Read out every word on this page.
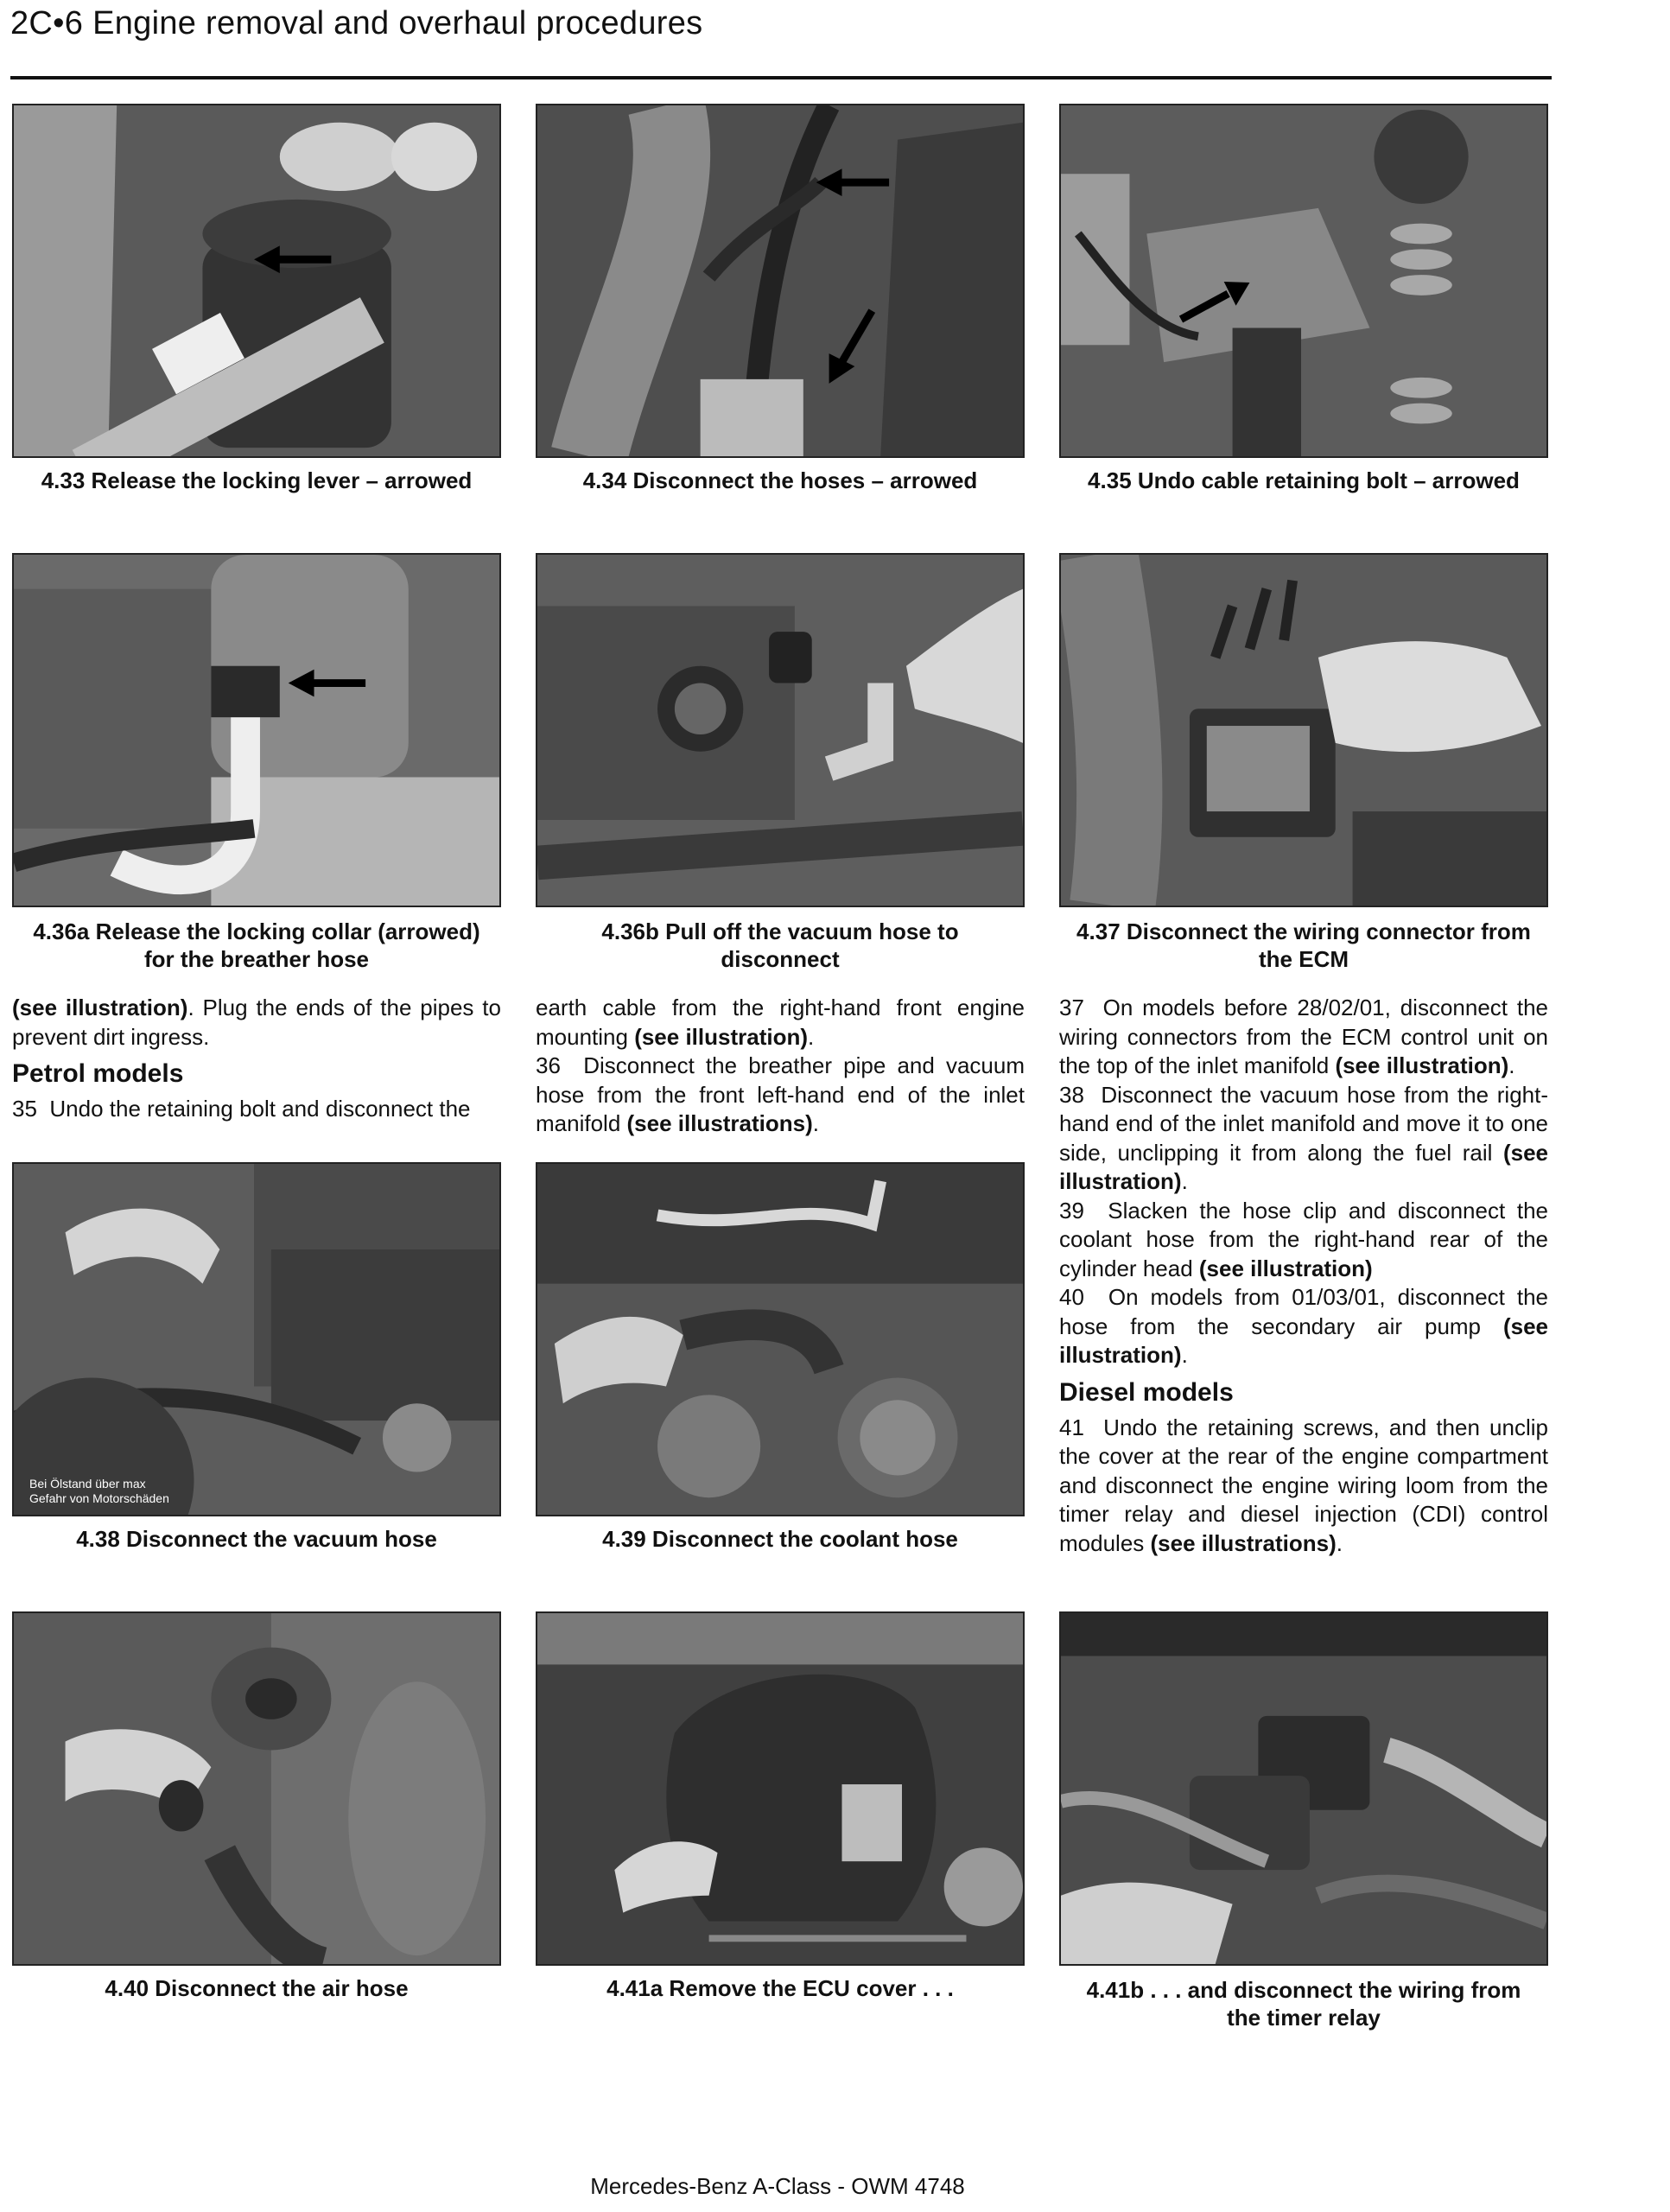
2C•6 Engine removal and overhaul procedures
4.33 Release the locking lever – arrowed	4.34 Disconnect the hoses – arrowed	4.35 Undo cable retaining bolt – arrowed
4.36a Release the locking collar (arrowed)
for the breather hose
4.36b Pull off the vacuum hose to
disconnect
4.37 Disconnect the wiring connector from
the ECM

(see illustration). Plug the ends of the pipes to prevent dirt ingress.

Petrol models

35 Undo the retaining bolt and disconnect the

earth cable from the right-hand front engine mounting (see illustration).

36 Disconnect the breather pipe and vacuum hose from the front left-hand end of the inlet manifold (see illustrations).

37 On models before 28/02/01, disconnect the wiring connectors from the ECM control unit on the top of the inlet manifold (see illustration).

38 Disconnect the vacuum hose from the right-hand end of the inlet manifold and move it to one side, unclipping it from along the fuel rail (see illustration).

39 Slacken the hose clip and disconnect the coolant hose from the right-hand rear of the cylinder head (see illustration)

40 On models from 01/03/01, disconnect the hose from the secondary air pump (see illustration).

Diesel models

41 Undo the retaining screws, and then unclip the cover at the rear of the engine compartment and disconnect the engine wiring loom from the timer relay and diesel injection (CDI) control modules (see illustrations).

Bei Ölstand über max
Gefahr von Motorschäden
4.38 Disconnect the vacuum hose	4.39 Disconnect the coolant hose
4.40 Disconnect the air hose	4.41a Remove the ECU cover . . .	4.41b . . . and disconnect the wiring from
the timer relay
Mercedes-Benz A-Class - OWM 4748
